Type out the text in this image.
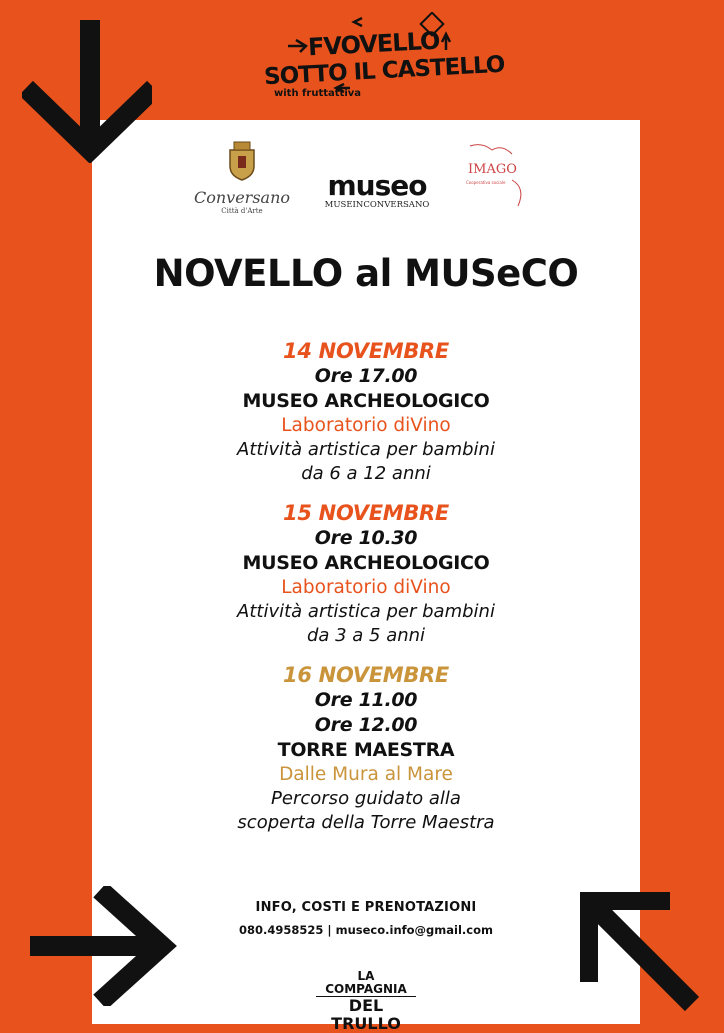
FVOVELLO
SOTTO IL CASTELLO
with fruttattiva
Conversano
Città d'Arte
museo
MUSEINCONVERSANO
IMAGO
Cooperativa sociale
NOVELLO al MUSeCO
14 NOVEMBRE
Ore 17.00
MUSEO ARCHEOLOGICO
Laboratorio diVino
Attività artistica per bambini
da 6 a 12 anni
15 NOVEMBRE
Ore 10.30
MUSEO ARCHEOLOGICO
Laboratorio diVino
Attività artistica per bambini
da 3 a 5 anni
16 NOVEMBRE
Ore 11.00
Ore 12.00
TORRE MAESTRA
Dalle Mura al Mare
Percorso guidato alla
scoperta della Torre Maestra
INFO, COSTI E PRENOTAZIONI
080.4958525 | museco.info@gmail.com
LA COMPAGNIA
DEL TRULLO
